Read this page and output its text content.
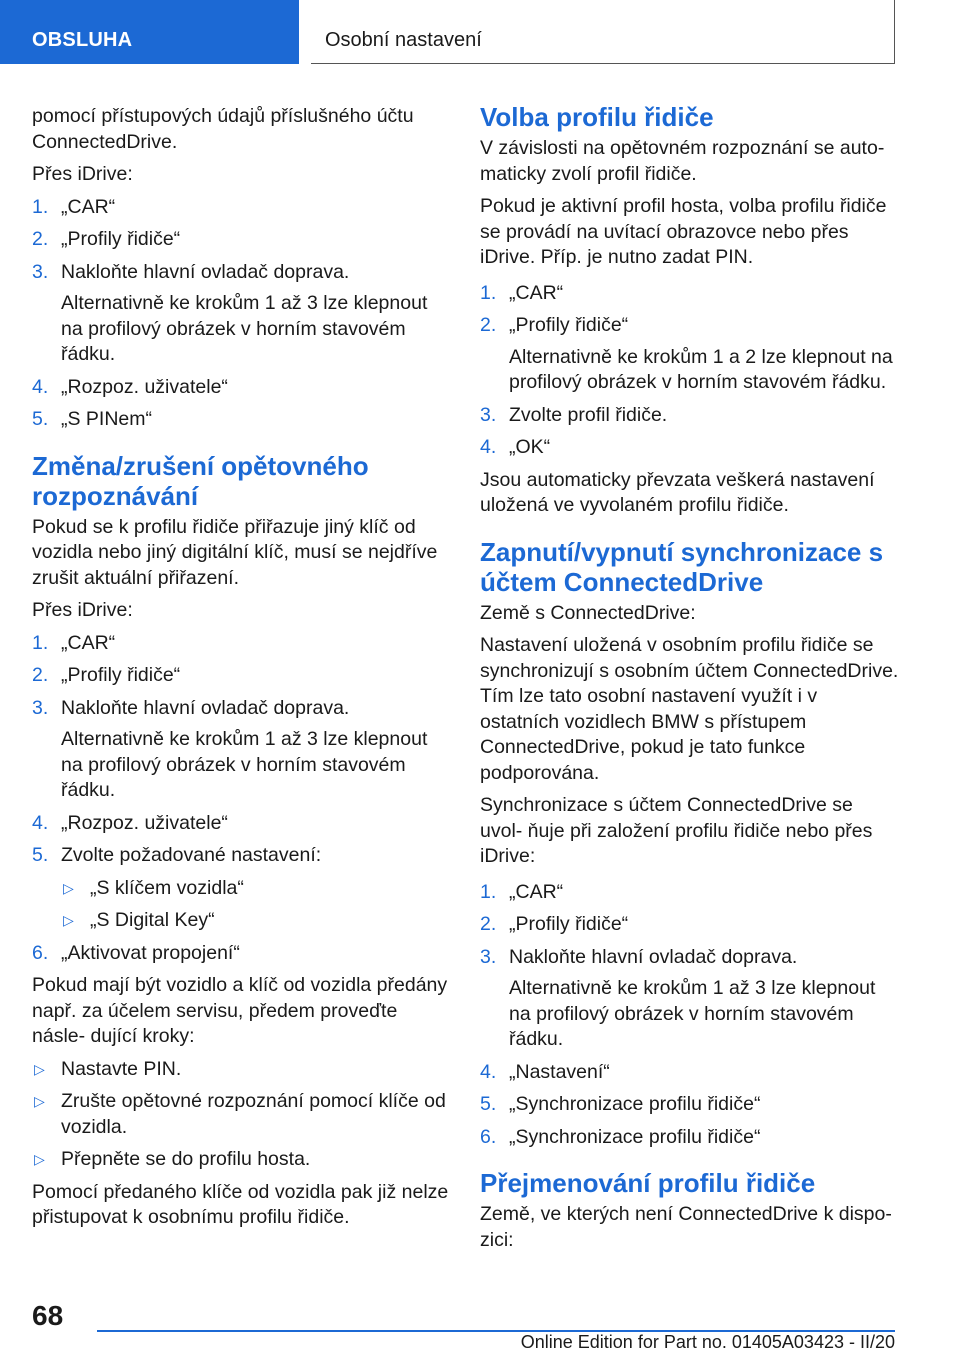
OBSLUHA	Osobní nastavení

pomocí přístupových údajů příslušného účtu ConnectedDrive.

Přes iDrive:

1. „CAR“
2. „Profily řidiče“
3. Nakloňte hlavní ovladač doprava.
Alternativně ke krokům 1 až 3 lze klepnout na profilový obrázek v horním stavovém řádku.
4. „Rozpoz. uživatele“
5. „S PINem“
Změna/zrušení opětovného rozpoznávání

Pokud se k profilu řidiče přiřazuje jiný klíč od vozidla nebo jiný digitální klíč, musí se nejdříve zrušit aktuální přiřazení.

Přes iDrive:

1. „CAR“
2. „Profily řidiče“
3. Nakloňte hlavní ovladač doprava.
Alternativně ke krokům 1 až 3 lze klepnout na profilový obrázek v horním stavovém řádku.
4. „Rozpoz. uživatele“
5. Zvolte požadované nastavení:
▷ „S klíčem vozidla“
▷ „S Digital Key“
6. „Aktivovat propojení“

Pokud mají být vozidlo a klíč od vozidla předány např. za účelem servisu, předem proveďte násle- dující kroky:

▷ Nastavte PIN.
▷ Zrušte opětovné rozpoznání pomocí klíče od vozidla.
▷ Přepněte se do profilu hosta.

Pomocí předaného klíče od vozidla pak již nelze přistupovat k osobnímu profilu řidiče.

Volba profilu řidiče

V závislosti na opětovném rozpoznání se auto- maticky zvolí profil řidiče.

Pokud je aktivní profil hosta, volba profilu řidiče se provádí na uvítací obrazovce nebo přes iDrive. Příp. je nutno zadat PIN.

1. „CAR“
2. „Profily řidiče“
Alternativně ke krokům 1 a 2 lze klepnout na profilový obrázek v horním stavovém řádku.
3. Zvolte profil řidiče.
4. „OK“

Jsou automaticky převzata veškerá nastavení uložená ve vyvolaném profilu řidiče.

Zapnutí/vypnutí synchronizace s účtem ConnectedDrive

Země s ConnectedDrive:

Nastavení uložená v osobním profilu řidiče se synchronizují s osobním účtem ConnectedDrive. Tím lze tato osobní nastavení využít i v ostatních vozidlech BMW s přístupem ConnectedDrive, pokud je tato funkce podporována.

Synchronizace s účtem ConnectedDrive se uvol- ňuje při založení profilu řidiče nebo přes iDrive:

1. „CAR“
2. „Profily řidiče“
3. Nakloňte hlavní ovladač doprava.
Alternativně ke krokům 1 až 3 lze klepnout na profilový obrázek v horním stavovém řádku.
4. „Nastavení“
5. „Synchronizace profilu řidiče“
6. „Synchronizace profilu řidiče“
Přejmenování profilu řidiče

Země, ve kterých není ConnectedDrive k dispo- zici:

68
Online Edition for Part no. 01405A03423 - II/20
